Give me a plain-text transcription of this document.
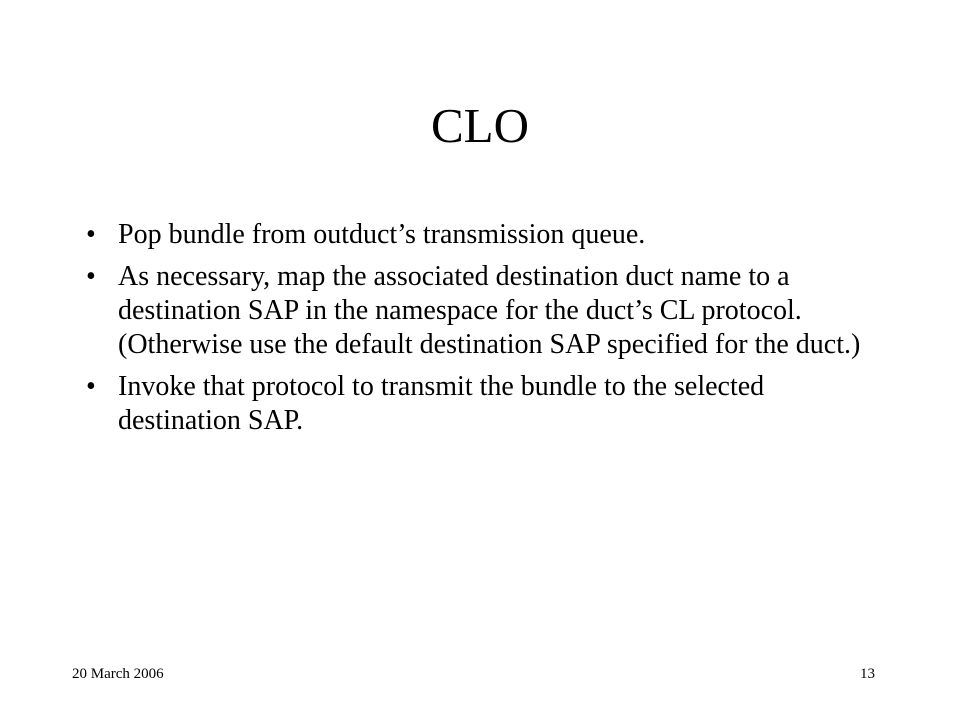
CLO
• Pop bundle from outduct’s transmission queue.
• As necessary, map the associated destination duct name to a destination SAP in the namespace for the duct’s CL protocol. (Otherwise use the default destination SAP specified for the duct.)
• Invoke that protocol to transmit the bundle to the selected destination SAP.
20 March 2006	13
